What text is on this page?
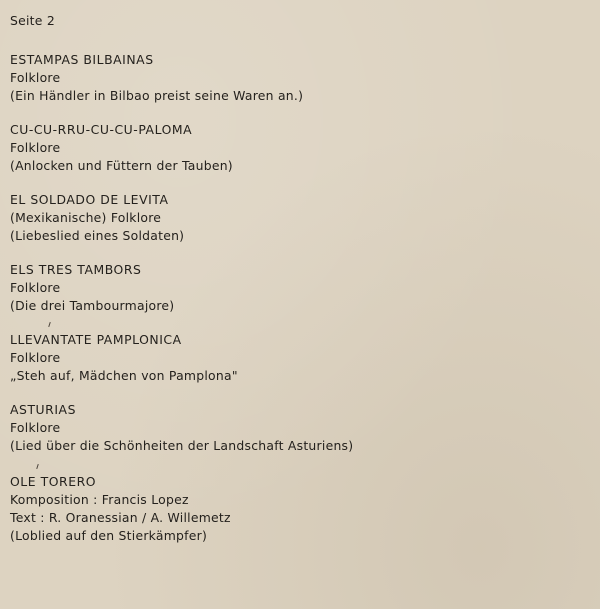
Seite 2
ESTAMPAS BILBAINAS
Folklore
(Ein Händler in Bilbao preist seine Waren an.)
CU-CU-RRU-CU-CU-PALOMA
Folklore
(Anlocken und Füttern der Tauben)
EL SOLDADO DE LEVITA
(Mexikanische) Folklore
(Liebeslied eines Soldaten)
ELS TRES TAMBORS
Folklore
(Die drei Tambourmajore)
LLEVANTATE PAMPLONICA
Folklore
„Steh auf, Mädchen von Pamplona"
ASTURIAS
Folklore
(Lied über die Schönheiten der Landschaft Asturiens)
OLE TORERO
Komposition : Francis Lopez
Text : R. Oranessian / A. Willemetz
(Loblied auf den Stierkämpfer)
